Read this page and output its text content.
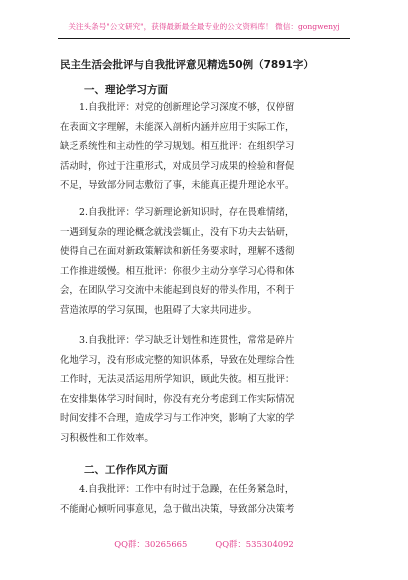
关注头条号"公文研究"，获得最新最全最专业的公文资料库！ 微信：gongwenyj
民主生活会批评与自我批评意见精选50例（7891字）
一、理论学习方面
1.自我批评：对党的创新理论学习深度不够，仅停留
在表面文字理解，未能深入剖析内涵并应用于实际工作，
缺乏系统性和主动性的学习规划。相互批评：在组织学习
活动时，你过于注重形式，对成员学习成果的检验和督促
不足，导致部分同志敷衍了事，未能真正提升理论水平。
2.自我批评：学习新理论新知识时，存在畏难情绪，
一遇到复杂的理论概念就浅尝辄止，没有下功夫去钻研，
使得自己在面对新政策解读和新任务要求时，理解不透彻
工作推进缓慢。相互批评：你很少主动分享学习心得和体
会，在团队学习交流中未能起到良好的带头作用，不利于
营造浓厚的学习氛围，也阻碍了大家共同进步。
3.自我批评：学习缺乏计划性和连贯性，常常是碎片
化地学习，没有形成完整的知识体系，导致在处理综合性
工作时，无法灵活运用所学知识，顾此失彼。相互批评：
在安排集体学习时间时，你没有充分考虑到工作实际情况
时间安排不合理，造成学习与工作冲突，影响了大家的学
习积极性和工作效率。
二、工作作风方面
4.自我批评：工作中有时过于急躁，在任务紧急时，
不能耐心倾听同事意见，急于做出决策，导致部分决策考
QQ群：30265665	QQ群：535304092
